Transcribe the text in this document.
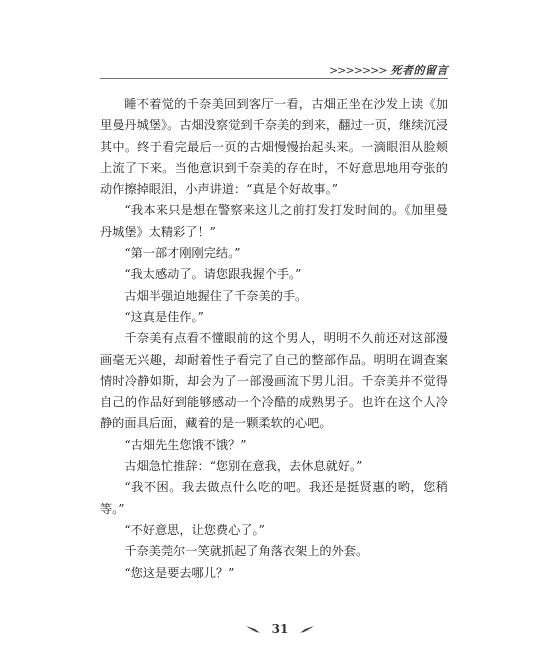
>>>>>>> 死者的留言

睡不着觉的千奈美回到客厅一看，古畑正坐在沙发上读《加里曼丹城堡》。古畑没察觉到千奈美的到来，翻过一页，继续沉浸其中。终于看完最后一页的古畑慢慢抬起头来。一滴眼泪从脸颊上流了下来。当他意识到千奈美的存在时，不好意思地用夸张的动作擦掉眼泪，小声讲道：“真是个好故事。”

“我本来只是想在警察来这儿之前打发打发时间的。《加里曼丹城堡》太精彩了！”

“第一部才刚刚完结。”

“我太感动了。请您跟我握个手。”

古畑半强迫地握住了千奈美的手。

“这真是佳作。”

千奈美有点看不懂眼前的这个男人，明明不久前还对这部漫画毫无兴趣，却耐着性子看完了自己的整部作品。明明在调查案情时冷静如斯，却会为了一部漫画流下男儿泪。千奈美并不觉得自己的作品好到能够感动一个冷酷的成熟男子。也许在这个人冷静的面具后面，藏着的是一颗柔软的心吧。

“古畑先生您饿不饿？”

古畑急忙推辞：“您别在意我，去休息就好。”

“我不困。我去做点什么吃的吧。我还是挺贤惠的哟，您稍等。”

“不好意思，让您费心了。”

千奈美莞尔一笑就抓起了角落衣架上的外套。

“您这是要去哪儿？”

31
